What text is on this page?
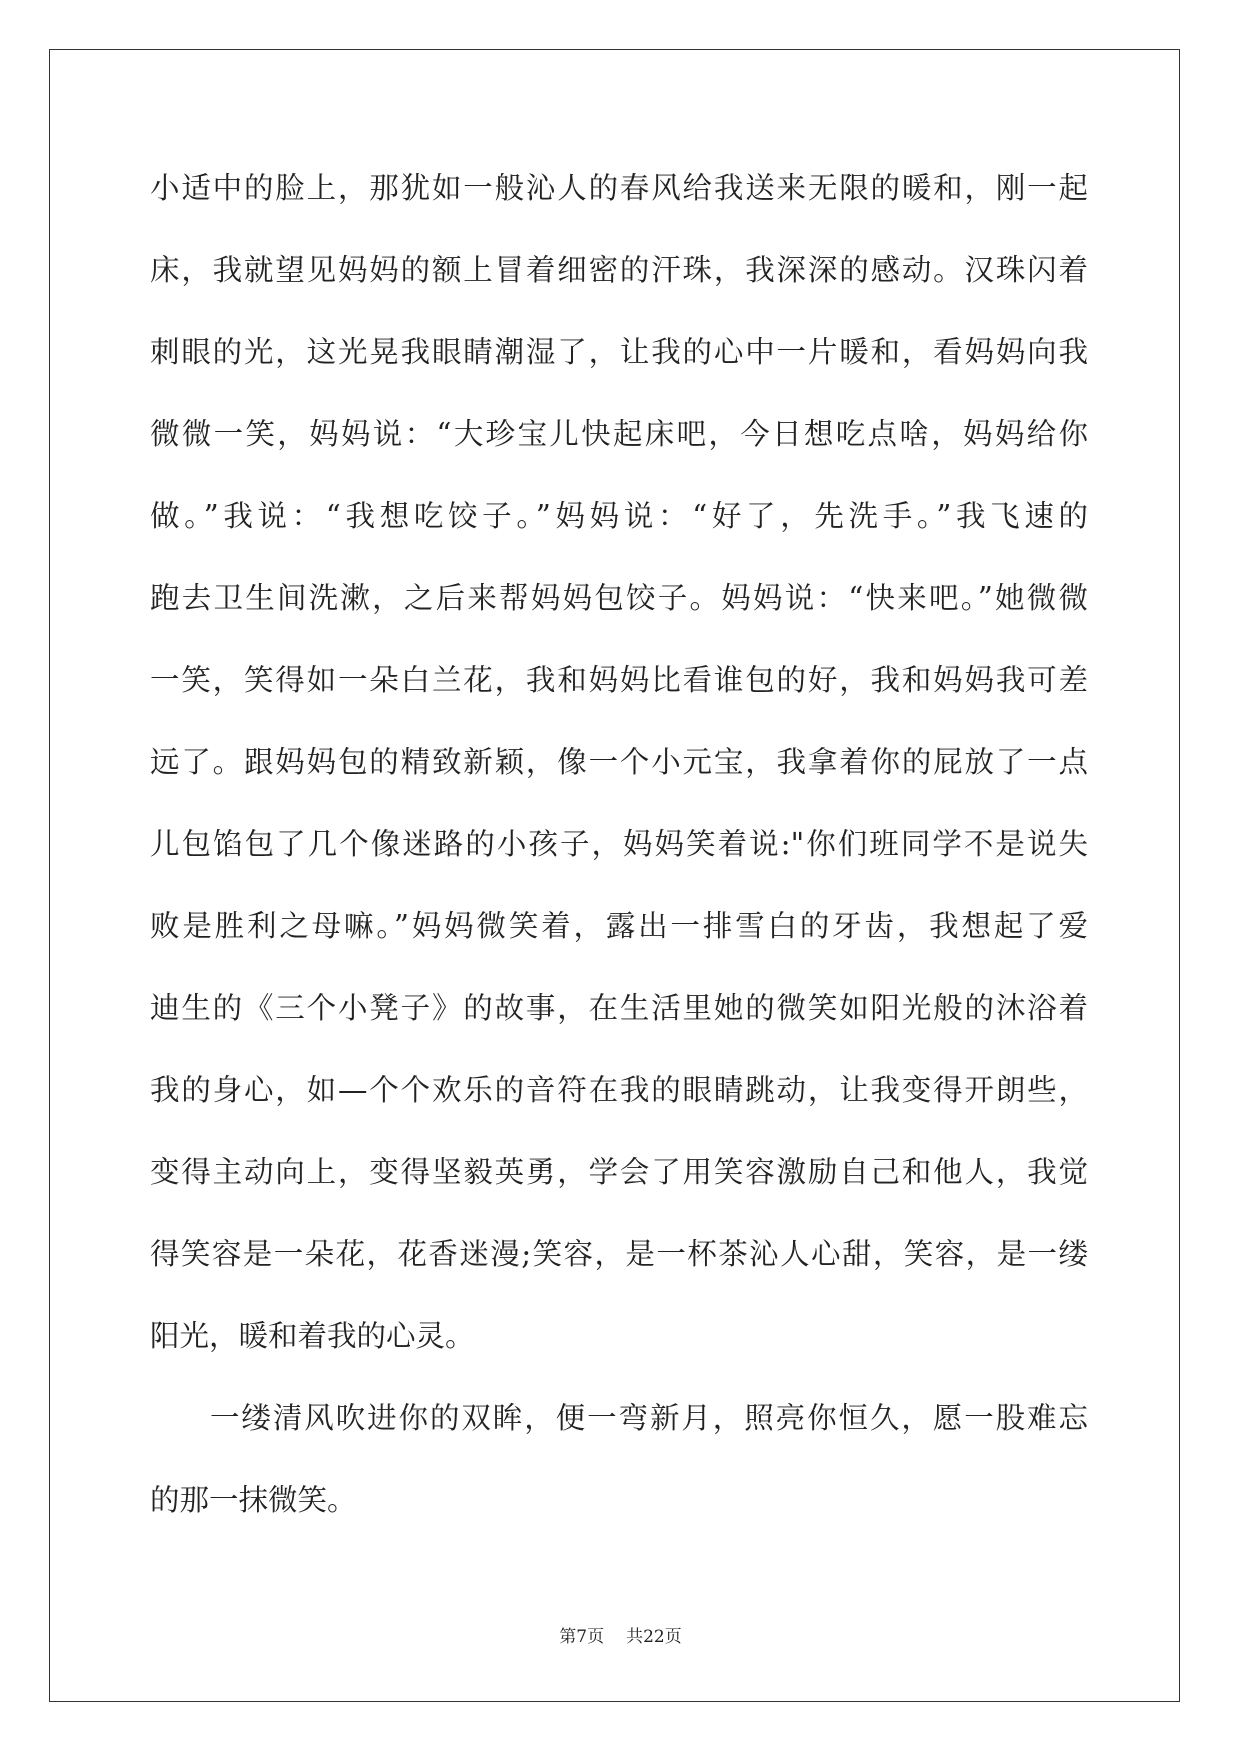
小适中的脸上，那犹如一般沁人的春风给我送来无限的暖和，刚一起
床，我就望见妈妈的额上冒着细密的汗珠，我深深的感动。汉珠闪着
刺眼的光，这光晃我眼睛潮湿了，让我的心中一片暖和，看妈妈向我
微微一笑，妈妈说：“大珍宝儿快起床吧，今日想吃点啥，妈妈给你
做。”我说：“我想吃饺子。”妈妈说：“好了，先洗手。”我飞速的
跑去卫生间洗漱，之后来帮妈妈包饺子。妈妈说：“快来吧。”她微微
一笑，笑得如一朵白兰花，我和妈妈比看谁包的好，我和妈妈我可差
远了。跟妈妈包的精致新颖，像一个小元宝，我拿着你的屁放了一点
儿包馅包了几个像迷路的小孩子，妈妈笑着说:"你们班同学不是说失
败是胜利之母嘛。”妈妈微笑着，露出一排雪白的牙齿，我想起了爱
迪生的《三个小凳子》的故事，在生活里她的微笑如阳光般的沐浴着
我的身心，如—个个欢乐的音符在我的眼睛跳动，让我变得开朗些，
变得主动向上，变得坚毅英勇，学会了用笑容激励自己和他人，我觉
得笑容是一朵花，花香迷漫;笑容，是一杯茶沁人心甜，笑容，是一缕
阳光，暖和着我的心灵。
一缕清风吹进你的双眸，便一弯新月，照亮你恒久，愿一股难忘
的那一抹微笑。
第7页 共22页
